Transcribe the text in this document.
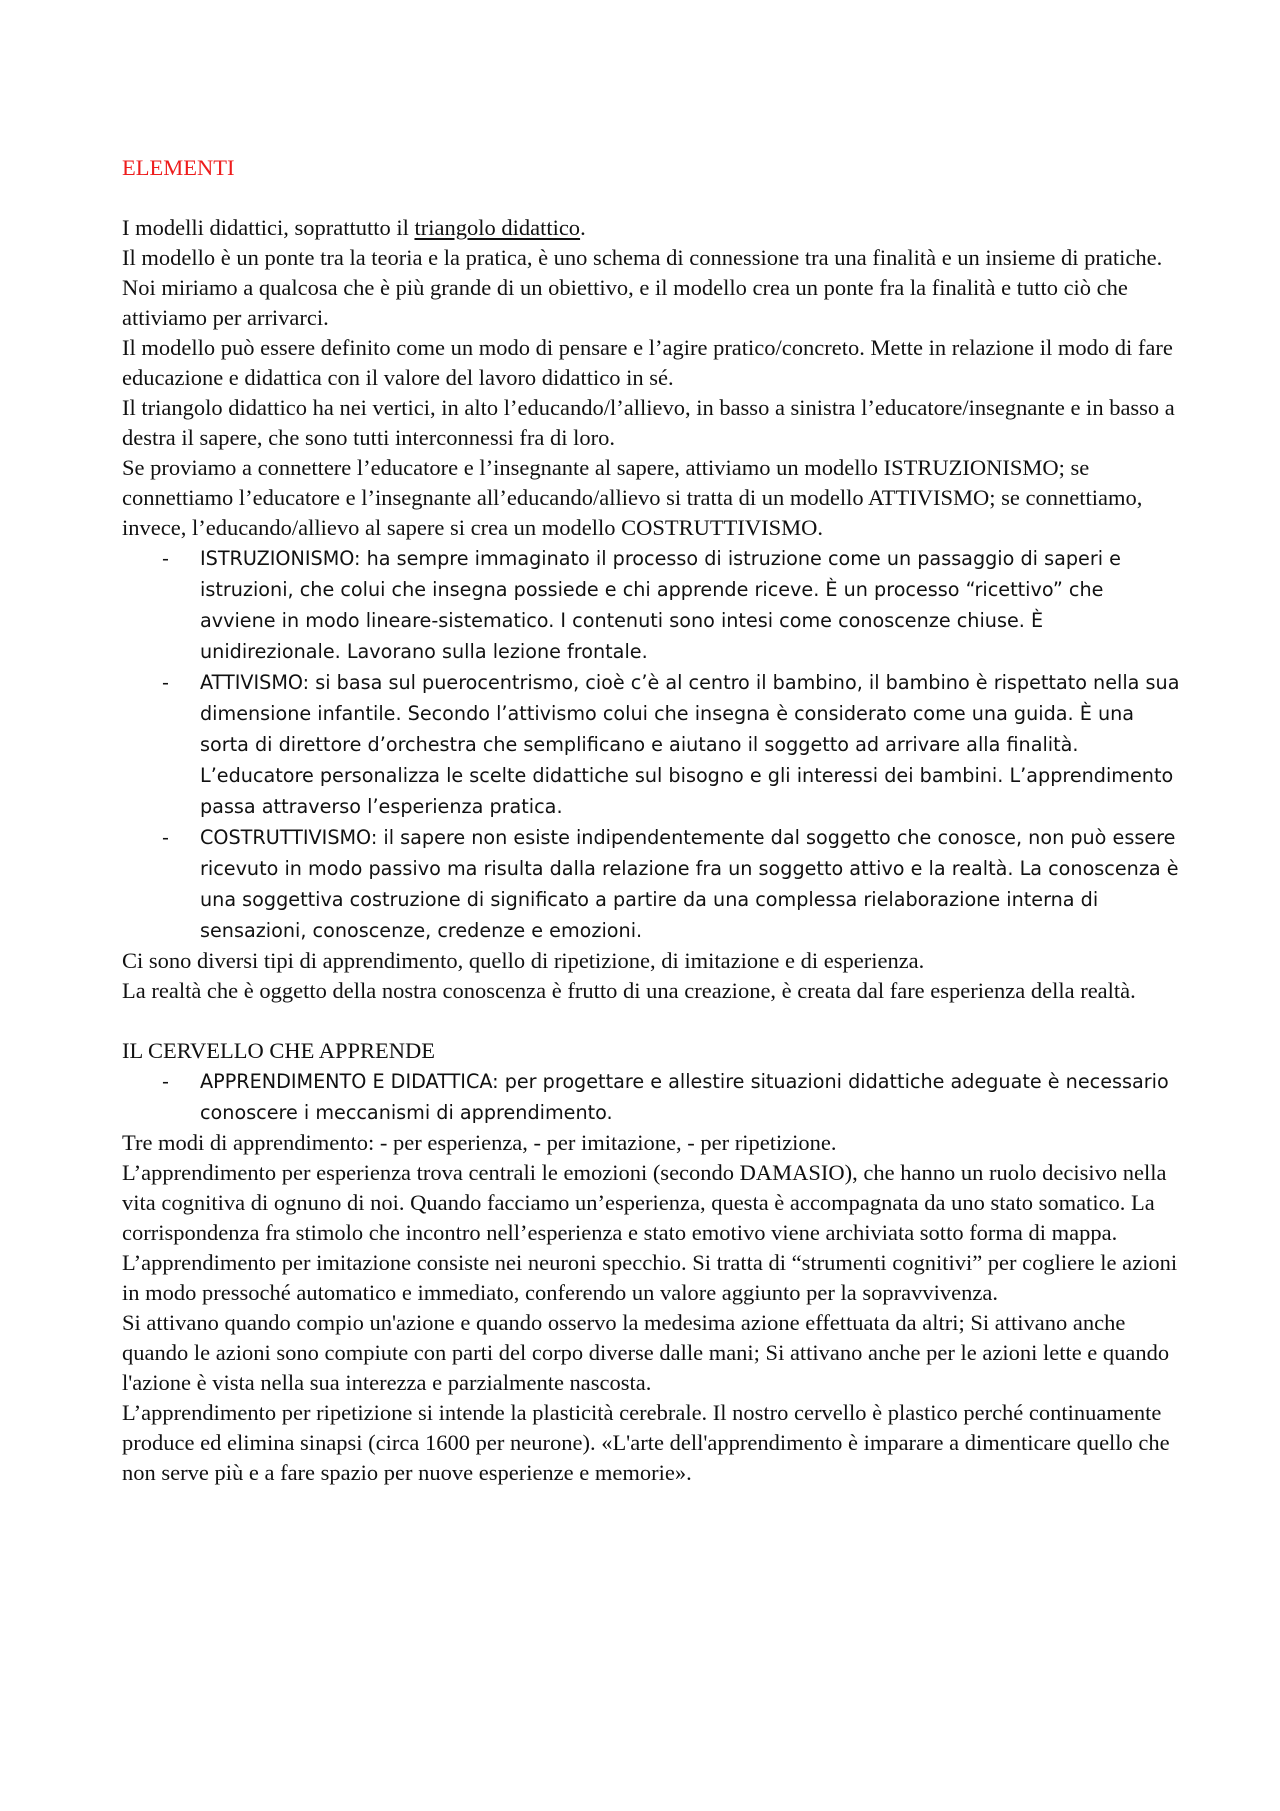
ELEMENTI

I modelli didattici, soprattutto il triangolo didattico.

Il modello è un ponte tra la teoria e la pratica, è uno schema di connessione tra una finalità e un insieme di pratiche.

Noi miriamo a qualcosa che è più grande di un obiettivo, e il modello crea un ponte fra la finalità e tutto ciò che attiviamo per arrivarci.

Il modello può essere definito come un modo di pensare e l’agire pratico/concreto. Mette in relazione il modo di fare educazione e didattica con il valore del lavoro didattico in sé.

Il triangolo didattico ha nei vertici, in alto l’educando/l’allievo, in basso a sinistra l’educatore/insegnante e in basso a destra il sapere, che sono tutti interconnessi fra di loro.

Se proviamo a connettere l’educatore e l’insegnante al sapere, attiviamo un modello ISTRUZIONISMO; se connettiamo l’educatore e l’insegnante all’educando/allievo si tratta di un modello ATTIVISMO; se connettiamo, invece, l’educando/allievo al sapere si crea un modello COSTRUTTIVISMO.

- ISTRUZIONISMO: ha sempre immaginato il processo di istruzione come un passaggio di saperi e istruzioni, che colui che insegna possiede e chi apprende riceve. È un processo “ricettivo” che avviene in modo lineare-sistematico. I contenuti sono intesi come conoscenze chiuse. È unidirezionale. Lavorano sulla lezione frontale.
- ATTIVISMO: si basa sul puerocentrismo, cioè c’è al centro il bambino, il bambino è rispettato nella sua dimensione infantile. Secondo l’attivismo colui che insegna è considerato come una guida. È una sorta di direttore d’orchestra che semplificano e aiutano il soggetto ad arrivare alla finalità. L’educatore personalizza le scelte didattiche sul bisogno e gli interessi dei bambini. L’apprendimento passa attraverso l’esperienza pratica.
- COSTRUTTIVISMO: il sapere non esiste indipendentemente dal soggetto che conosce, non può essere ricevuto in modo passivo ma risulta dalla relazione fra un soggetto attivo e la realtà. La conoscenza è una soggettiva costruzione di significato a partire da una complessa rielaborazione interna di sensazioni, conoscenze, credenze e emozioni.

Ci sono diversi tipi di apprendimento, quello di ripetizione, di imitazione e di esperienza.

La realtà che è oggetto della nostra conoscenza è frutto di una creazione, è creata dal fare esperienza della realtà.

IL CERVELLO CHE APPRENDE

- APPRENDIMENTO E DIDATTICA: per progettare e allestire situazioni didattiche adeguate è necessario conoscere i meccanismi di apprendimento.

Tre modi di apprendimento: - per esperienza, - per imitazione, - per ripetizione.

L’apprendimento per esperienza trova centrali le emozioni (secondo DAMASIO), che hanno un ruolo decisivo nella vita cognitiva di ognuno di noi. Quando facciamo un’esperienza, questa è accompagnata da uno stato somatico. La corrispondenza fra stimolo che incontro nell’esperienza e stato emotivo viene archiviata sotto forma di mappa.

L’apprendimento per imitazione consiste nei neuroni specchio. Si tratta di “strumenti cognitivi” per cogliere le azioni in modo pressoché automatico e immediato, conferendo un valore aggiunto per la sopravvivenza.

Si attivano quando compio un'azione e quando osservo la medesima azione effettuata da altri; Si attivano anche quando le azioni sono compiute con parti del corpo diverse dalle mani; Si attivano anche per le azioni lette e quando l'azione è vista nella sua interezza e parzialmente nascosta.

L’apprendimento per ripetizione si intende la plasticità cerebrale. Il nostro cervello è plastico perché continuamente produce ed elimina sinapsi (circa 1600 per neurone). «L'arte dell'apprendimento è imparare a dimenticare quello che non serve più e a fare spazio per nuove esperienze e memorie».
